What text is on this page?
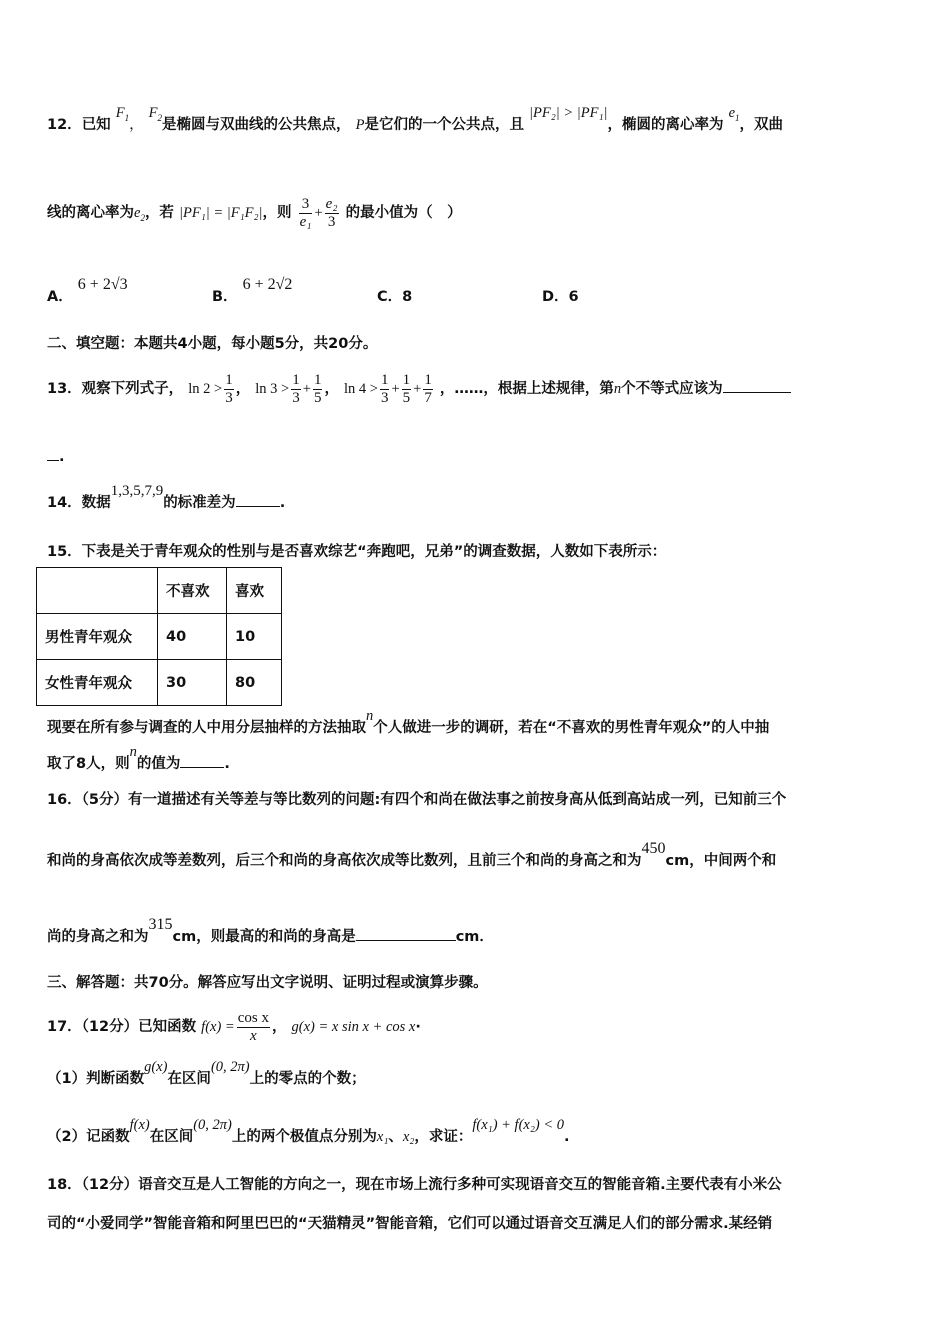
12．已知 $F_1$， $F_2$是椭圆与双曲线的公共焦点， P是它们的一个公共点，且 |PF₂| > |PF₁|，椭圆的离心率为 $e_1$，双曲
线的离心率为$e_2$，若 |PF₁| = |F₁F₂|，则 $\frac{3}{\text{e₁}} + \frac{\text{e₂}}{3}$ 的最小值为（　）
A． 6 + 2√3
B． 6 + 2√2
C．8	D．6
二、填空题：本题共4小题，每小题5分，共20分。
13．观察下列式子， $\ln 2 > \frac{1}{3}$ ， $\ln 3 > \frac{1}{3} + \frac{1}{5}$ ， $\ln 4 > \frac{1}{3} + \frac{1}{5} + \frac{1}{7}$ ，……，根据上述规律，第n个不等式应该为
.
14．数据1,3,5,7,9的标准差为	.
15．下表是关于青年观众的性别与是否喜欢综艺“奔跑吧，兄弟”的调查数据，人数如下表所示：
	不喜欢	喜欢
男性青年观众	40	10
女性青年观众	30	80
现要在所有参与调查的人中用分层抽样的方法抽取n个人做进一步的调研，若在“不喜欢的男性青年观众”的人中抽
取了8人，则n的值为	.
16．（5分）有一道描述有关等差与等比数列的问题:有四个和尚在做法事之前按身高从低到高站成一列，已知前三个
和尚的身高依次成等差数列，后三个和尚的身高依次成等比数列，且前三个和尚的身高之和为450cm，中间两个和
尚的身高之和为315cm，则最高的和尚的身高是	cm．
三、解答题：共70分。解答应写出文字说明、证明过程或演算步骤。
17．（12分）已知函数 $f(x) = \frac{\text{cos x}}{x}$ ， g(x) = x sin x + cos x·
（1）判断函数g(x)在区间(0, 2π)上的零点的个数；
（2）记函数f(x)在区间(0, 2π)上的两个极值点分别为x₁、x₂，求证：f(x₁) + f(x₂) < 0.
18．（12分）语音交互是人工智能的方向之一，现在市场上流行多种可实现语音交互的智能音箱.主要代表有小米公
司的“小爱同学”智能音箱和阿里巴巴的“天猫精灵”智能音箱，它们可以通过语音交互满足人们的部分需求.某经销
